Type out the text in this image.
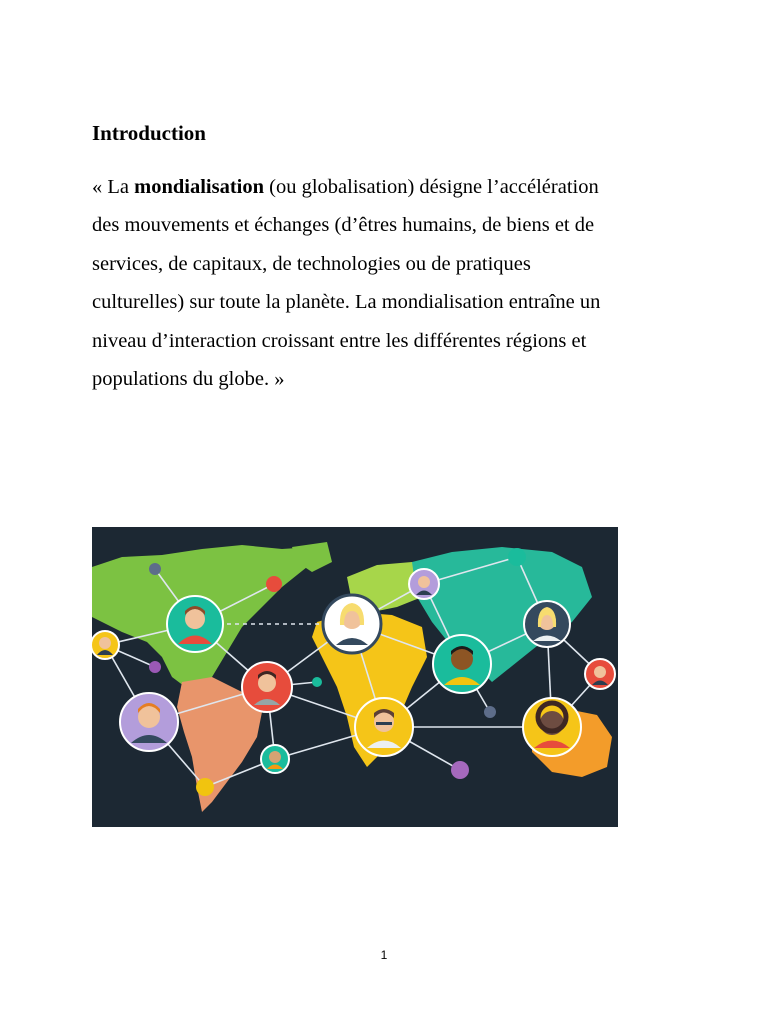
Introduction

« La mondialisation (ou globalisation) désigne l’accélération
des mouvements et échanges (d’êtres humains, de biens et de
services, de capitaux, de technologies ou de pratiques
culturelles) sur toute la planète. La mondialisation entraîne un
niveau d’interaction croissant entre les différentes régions et
populations du globe. »

1
